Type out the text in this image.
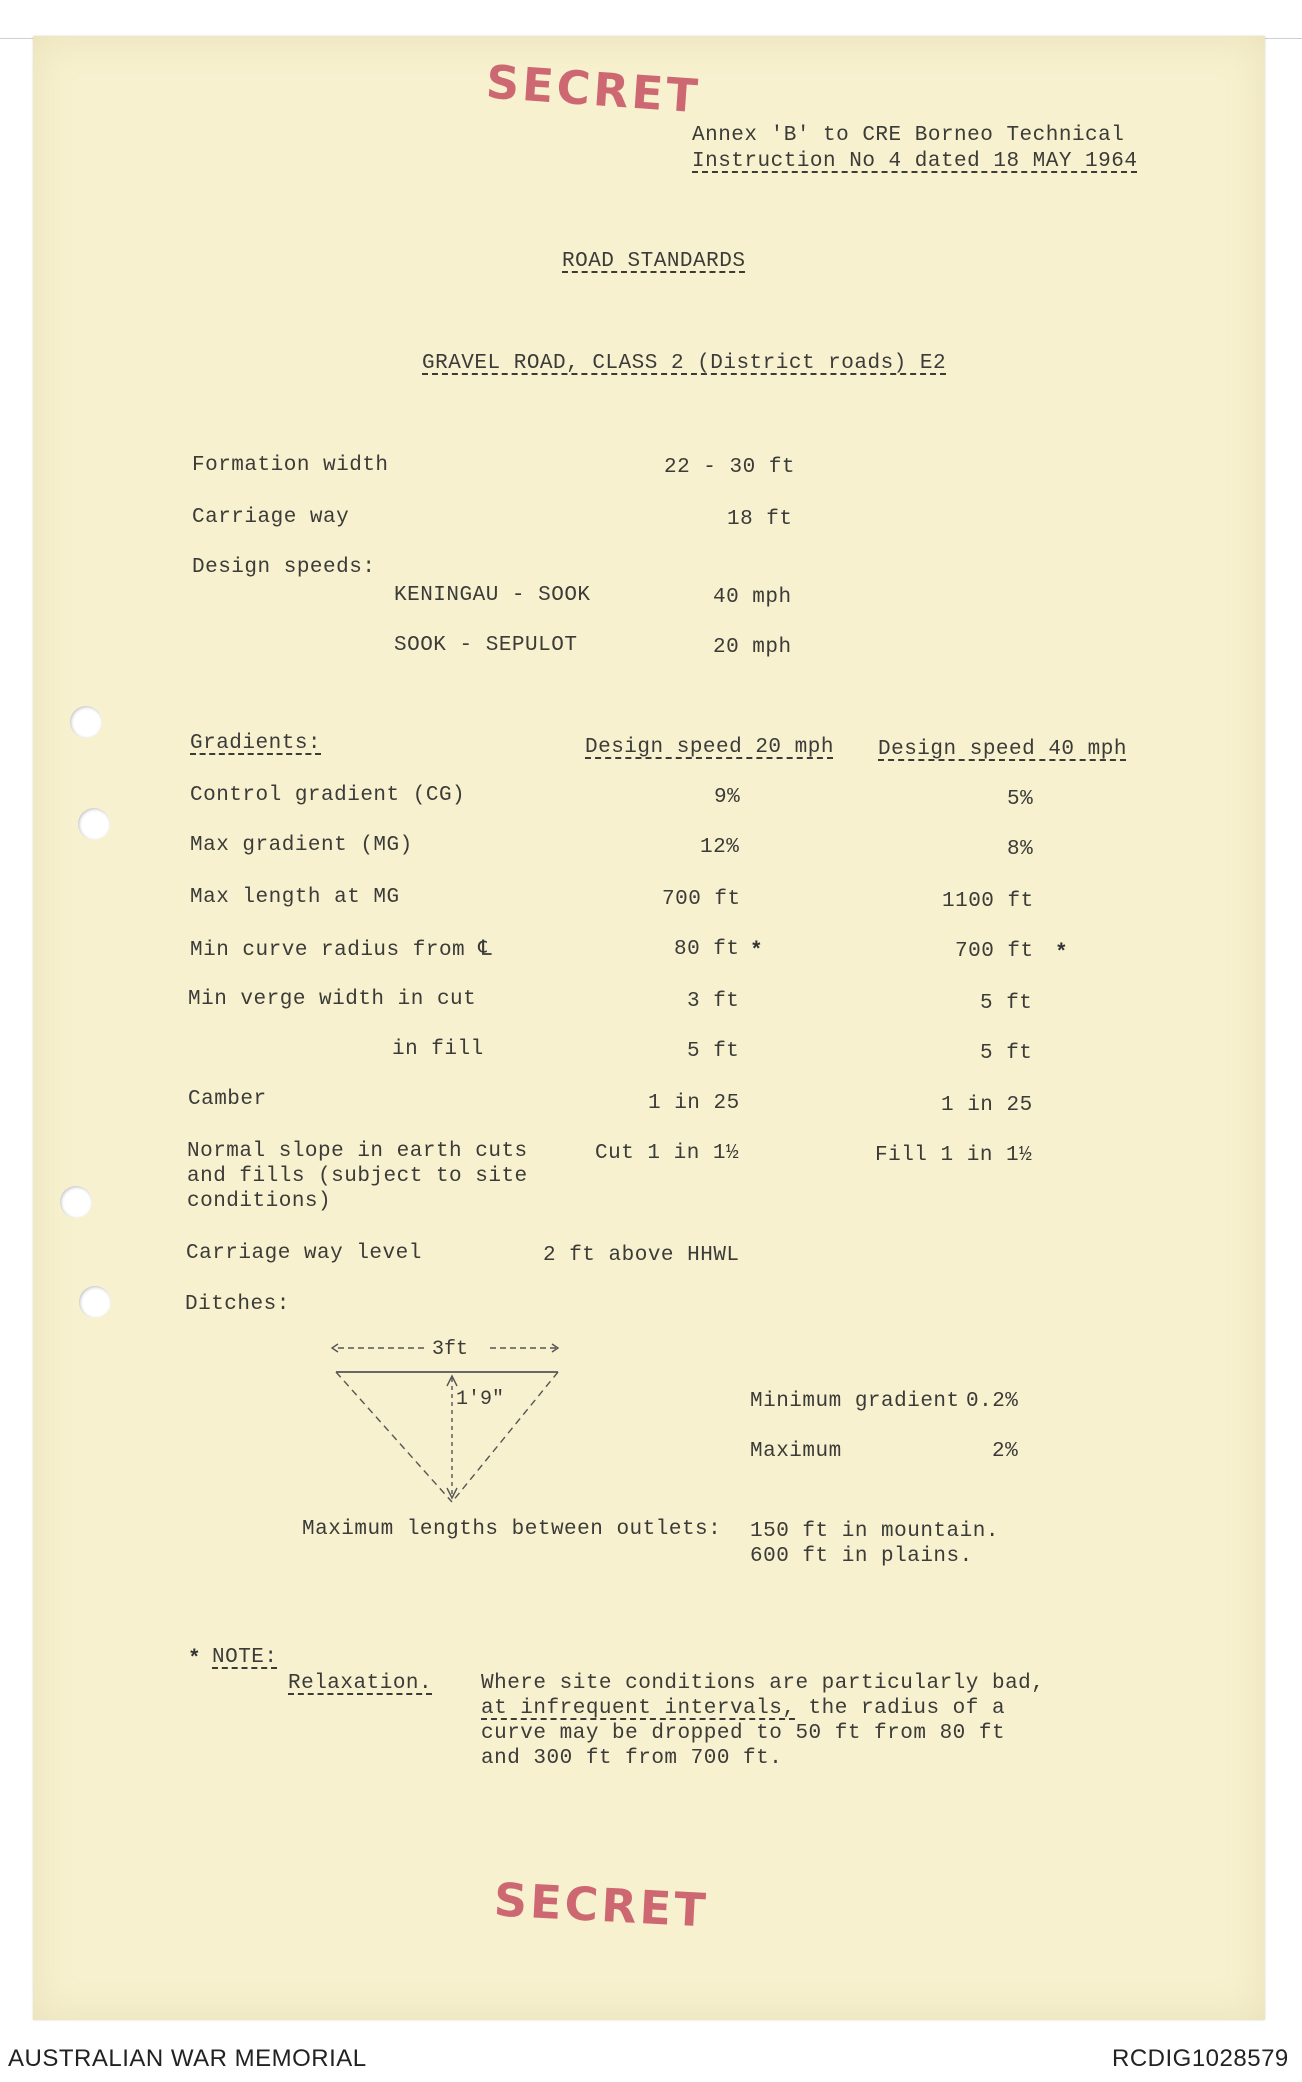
SECRET
SECRET
Annex 'B' to CRE Borneo Technical
Instruction No 4 dated 18 MAY 1964
ROAD STANDARDS
GRAVEL ROAD, CLASS 2 (District roads) E2
Formation width	22 - 30 ft
Carriage way	18 ft
Design speeds:
KENINGAU - SOOK	40 mph
SOOK - SEPULOT	20 mph
Gradients:	Design speed 20 mph Design speed 40 mph
Control gradient (CG)	9%	5%
Max gradient (MG)	12%	8%
Max length at MG	700 ft	1100 ft
Min curve radius from ℄	80 ft *	700 ft *
Min verge width in cut	3 ft	5 ft
in fill	5 ft	5 ft
Camber	1 in 25	1 in 25
Normal slope in earth cuts
and fills (subject to site
conditions)
Cut 1 in 1½	Fill 1 in 1½
Carriage way level	2 ft above HHWL
Ditches:
3ft
1'9"	Minimum gradient 0.2%
Maximum	2%
Maximum lengths between outlets: 150 ft in mountain.
600 ft in plains.
* NOTE:
Relaxation. Where site conditions are particularly bad,
at infrequent intervals, the radius of a
curve may be dropped to 50 ft from 80 ft
and 300 ft from 700 ft.
AUSTRALIAN WAR MEMORIAL	RCDIG1028579
